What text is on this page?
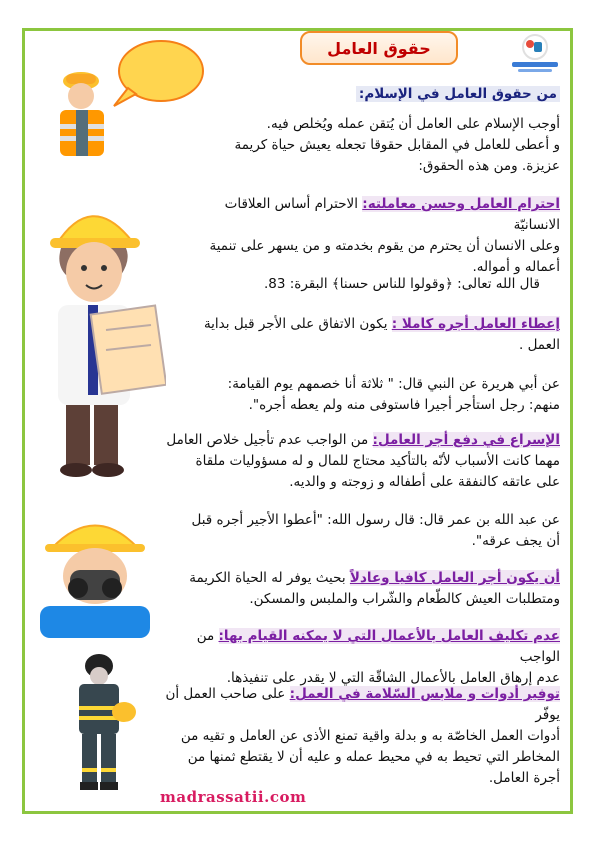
حقوق العامل
من حقوق العامل في الإسلام:
أوجب الإسلام على العامل أن يُتقن عمله ويُخلص فيه.
و أعطى للعامل في المقابل حقوقا تجعله يعيش حياة كريمة
عزيزة. ومن هذه الحقوق:
احترام العامل وحسن معاملته: الاحترام أساس العلاقات الانسانيّة
وعلى الانسان أن يحترم من يقوم بخدمته و من يسهر على تنمية
أعماله و أمواله.
قال الله تعالى: ﴿وقولوا للناس حسنا﴾ البقرة: 83.
إعطاء العامل أجره كاملا : يكون الاتفاق على الأجر قبل بداية
العمل .
عن أبي هريرة عن النبي قال: " ثلاثة أنا خصمهم يوم القيامة:
منهم: رجل استأجر أجيرا فاستوفى منه ولم يعطه أجره".
الإسراع في دفع أجر العامل: من الواجب عدم تأجيل خلاص العامل
مهما كانت الأسباب لأنّه بالتأكيد محتاج للمال و له مسؤوليات ملقاة
على عاتقه كالنفقة على أطفاله و زوجته و والديه.
عن عبد الله بن عمر قال: قال رسول الله: "أعطوا الأجير أجره قبل
أن يجف عرقه".
أن يكون أجر العامل كافيا وعادلاً بحيث يوفر له الحياة الكريمة
ومتطلبات العيش كالطّعام والشّراب والملبس والمسكن.
عدم تكليف العامل بالأعمال التي لا يمكنه القيام بها: من الواجب
عدم إرهاق العامل بالأعمال الشاقّة التي لا يقدر على تنفيذها.
توفير أدوات و ملابس السّلامة في العمل: على صاحب العمل أن يوفّر
أدوات العمل الخاصّة به و بدلة واقية تمنع الأذى عن العامل و تقيه من
المخاطر التي تحيط به في محيط عمله و عليه أن لا يقتطع ثمنها من
أجرة العامل.
madrassatii.com
